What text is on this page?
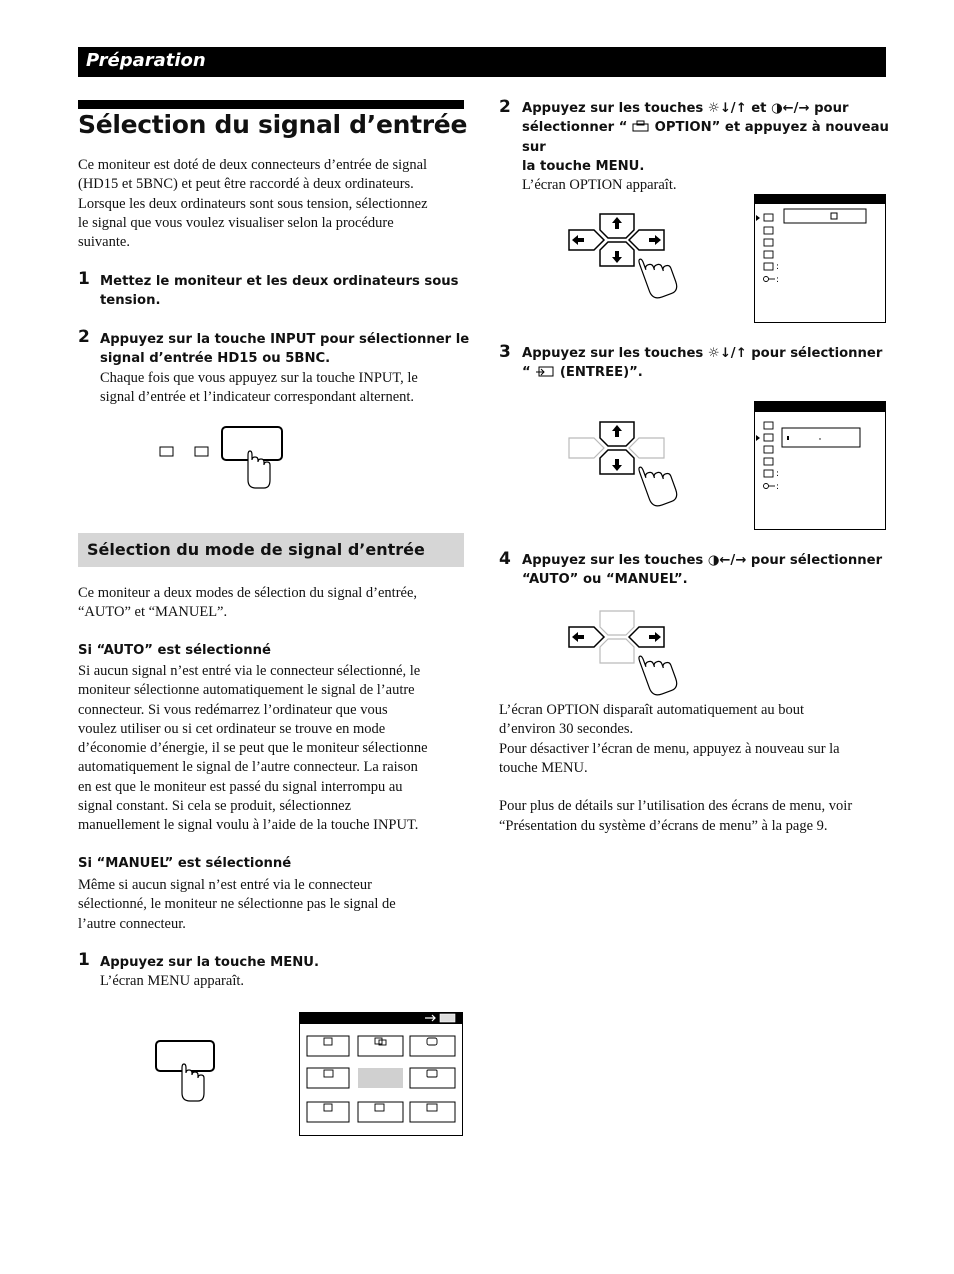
Préparation
Sélection du signal d’entrée
Ce moniteur est doté de deux connecteurs d’entrée de signal
(HD15 et 5BNC) et peut être raccordé à deux ordinateurs.
Lorsque les deux ordinateurs sont sous tension, sélectionnez
le signal que vous voulez visualiser selon la procédure
suivante.
1 Mettez le moniteur et les deux ordinateurs sous
tension.
2 Appuyez sur la touche INPUT pour sélectionner le
signal d’entrée HD15 ou 5BNC.
Chaque fois que vous appuyez sur la touche INPUT, le
signal d’entrée et l’indicateur correspondant alternent.
Sélection du mode de signal d’entrée
Ce moniteur a deux modes de sélection du signal d’entrée,
“AUTO” et “MANUEL”.
Si “AUTO” est sélectionné
Si aucun signal n’est entré via le connecteur sélectionné, le
moniteur sélectionne automatiquement le signal de l’autre
connecteur. Si vous redémarrez l’ordinateur que vous
voulez utiliser ou si cet ordinateur se trouve en mode
d’économie d’énergie, il se peut que le moniteur sélectionne
automatiquement le signal de l’autre connecteur. La raison
en est que le moniteur est passé du signal interrompu au
signal constant. Si cela se produit, sélectionnez
manuellement le signal voulu à l’aide de la touche INPUT.
Si “MANUEL” est sélectionné
Même si aucun signal n’est entré via le connecteur
sélectionné, le moniteur ne sélectionne pas le signal de
l’autre connecteur.
1 Appuyez sur la touche MENU.
L’écran MENU apparaît.
2 Appuyez sur les touches ☼↓/↑ et ◑←/→ pour
sélectionner “  OPTION” et appuyez à nouveau sur
la touche MENU.
L’écran OPTION apparaît.
:
:
3 Appuyez sur les touches ☼↓/↑ pour sélectionner
“  (ENTREE)”.
:
:
4 Appuyez sur les touches ◑←/→ pour sélectionner
“AUTO” ou “MANUEL”.
L’écran OPTION disparaît automatiquement au bout
d’environ 30 secondes.
Pour désactiver l’écran de menu, appuyez à nouveau sur la
touche MENU.
Pour plus de détails sur l’utilisation des écrans de menu, voir
“Présentation du système d’écrans de menu” à la page 9.
